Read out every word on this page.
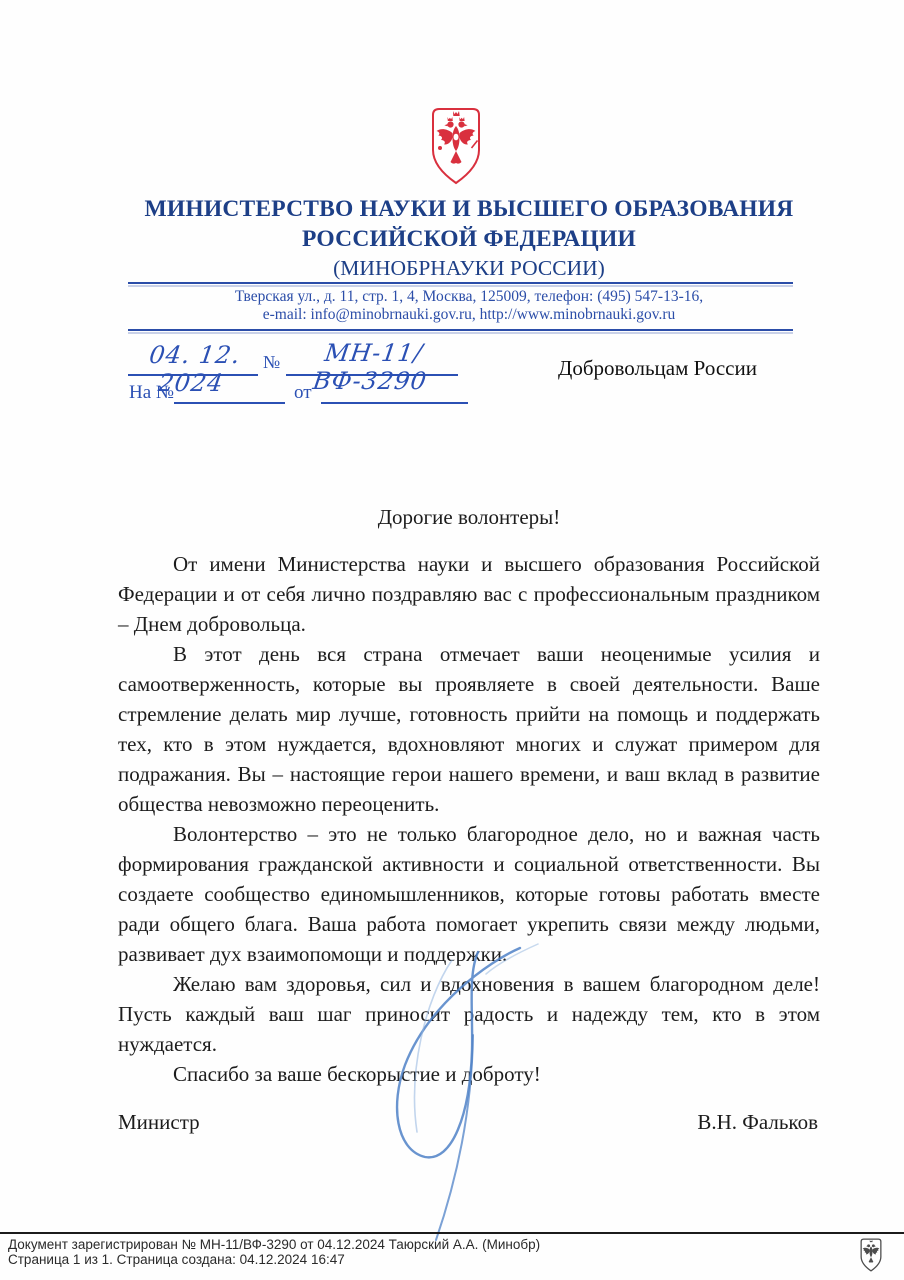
МИНИСТЕРСТВО НАУКИ И ВЫСШЕГО ОБРАЗОВАНИЯ
РОССИЙСКОЙ ФЕДЕРАЦИИ
(МИНОБРНАУКИ РОССИИ)
Тверская ул., д. 11, стр. 1, 4, Москва, 125009, телефон: (495) 547-13-16,
e-mail: info@minobrnauki.gov.ru, http://www.minobrnauki.gov.ru
04. 12. 2024
№	МН-11/ВФ-3290
На №	от
Добровольцам России
Дорогие волонтеры!

От имени Министерства науки и высшего образования Российской Федерации и от себя лично поздравляю вас с профессиональным праздником – Днем добровольца.

В этот день вся страна отмечает ваши неоценимые усилия и самоотверженность, которые вы проявляете в своей деятельности. Ваше стремление делать мир лучше, готовность прийти на помощь и поддержать тех, кто в этом нуждается, вдохновляют многих и служат примером для подражания. Вы – настоящие герои нашего времени, и ваш вклад в развитие общества невозможно переоценить.

Волонтерство – это не только благородное дело, но и важная часть формирования гражданской активности и социальной ответственности. Вы создаете сообщество единомышленников, которые готовы работать вместе ради общего блага. Ваша работа помогает укрепить связи между людьми, развивает дух взаимопомощи и поддержки.

Желаю вам здоровья, сил и вдохновения в вашем благородном деле! Пусть каждый ваш шаг приносит радость и надежду тем, кто в этом нуждается.

Спасибо за ваше бескорыстие и доброту!

Министр	В.Н. Фальков
Документ зарегистрирован № МН-11/ВФ-3290 от 04.12.2024 Таюрский А.А. (Минобр)
Страница 1 из 1. Страница создана: 04.12.2024 16:47
